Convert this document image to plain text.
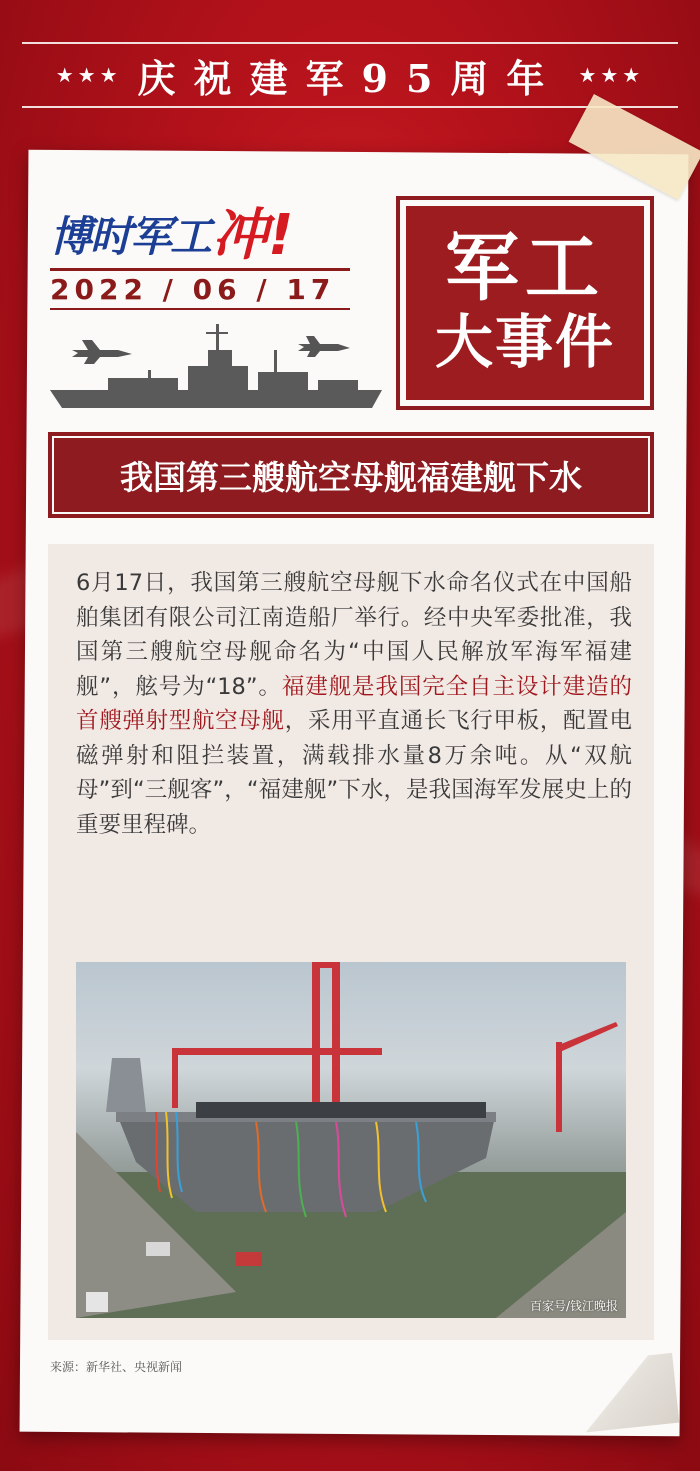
★★★ 庆祝建军95周年 ★★★
博时军工 冲!
2022 / 06 / 17	军工
大事件
我国第三艘航空母舰福建舰下水
6月17日，我国第三艘航空母舰下水命名仪式在中国船舶集团有限公司江南造船厂举行。经中央军委批准，我国第三艘航空母舰命名为“中国人民解放军海军福建舰”，舷号为“18”。福建舰是我国完全自主设计建造的首艘弹射型航空母舰，采用平直通长飞行甲板，配置电磁弹射和阻拦装置，满载排水量8万余吨。从“双航母”到“三舰客”，“福建舰”下水，是我国海军发展史上的重要里程碑。
百家号/钱江晚报
来源：新华社、央视新闻
